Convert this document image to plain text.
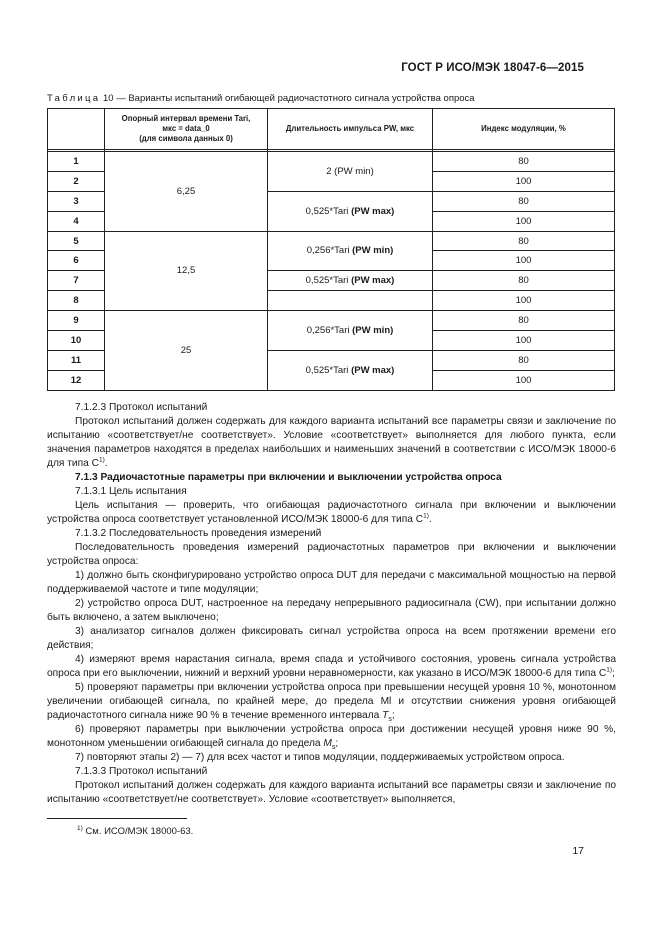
ГОСТ Р ИСО/МЭК 18047-6—2015
Таблица 10 — Варианты испытаний огибающей радиочастотного сигнала устройства опроса
	Опорный интервал времени Tari,
мкс = data_0
(для символа данных 0)	Длительность импульса PW, мкс	Индекс модуляции, %

1	6,25	2 (PW min)	80
2			100
3		0,525*Tari (PW max)	80
4			100
5	12,5	0,256*Tari (PW min)	80
6			100
7		0,525*Tari (PW max)	80
8			100
9	25	0,256*Tari (PW min)	80
10			100
11		0,525*Tari (PW max)	80
12			100

7.1.2.3 Протокол испытаний

Протокол испытаний должен содержать для каждого варианта испытаний все параметры связи и заключение по испытанию «соответствует/не соответствует». Условие «соответствует» выполняется для любого пункта, если значения параметров находятся в пределах наибольших и наименьших значений в соответствии с ИСО/МЭК 18000-6 для типа $С^{1)}$.

7.1.3 Радиочастотные параметры при включении и выключении устройства опроса

7.1.3.1 Цель испытания

Цель испытания — проверить, что огибающая радиочастотного сигнала при включении и выключении устройства опроса соответствует установленной ИСО/МЭК 18000-6 для типа $С^{1)}$.

7.1.3.2 Последовательность проведения измерений

Последовательность проведения измерений радиочастотных параметров при включении и выключении устройства опроса:

1) должно быть сконфигурировано устройство опроса DUT для передачи с максимальной мощностью на первой поддерживаемой частоте и типе модуляции;

2) устройство опроса DUT, настроенное на передачу непрерывного радиосигнала (CW), при испытании должно быть включено, а затем выключено;

3) анализатор сигналов должен фиксировать сигнал устройства опроса на всем протяжении времени его действия;

4) измеряют время нарастания сигнала, время спада и устойчивого состояния, уровень сигнала устройства опроса при его выключении, нижний и верхний уровни неравномерности, как указано в ИСО/МЭК 18000-6 для типа $С^{1)}$;

5) проверяют параметры при включении устройства опроса при превышении несущей уровня 10 %, монотонном увеличении огибающей сигнала, по крайней мере, до предела Ml и отсутствии снижения уровня огибающей радиочастотного сигнала ниже 90 % в течение временного интервала $T_s$;

6) проверяют параметры при выключении устройства опроса при достижении несущей уровня ниже 90 %, монотонном уменьшении огибающей сигнала до предела $M_s$;

7) повторяют этапы 2) — 7) для всех частот и типов модуляции, поддерживаемых устройством опроса.

7.1.3.3 Протокол испытаний

Протокол испытаний должен содержать для каждого варианта испытаний все параметры связи и заключение по испытанию «соответствует/не соответствует». Условие «соответствует» выполняется,

$^{1)}$ См. ИСО/МЭК 18000-63.
17
